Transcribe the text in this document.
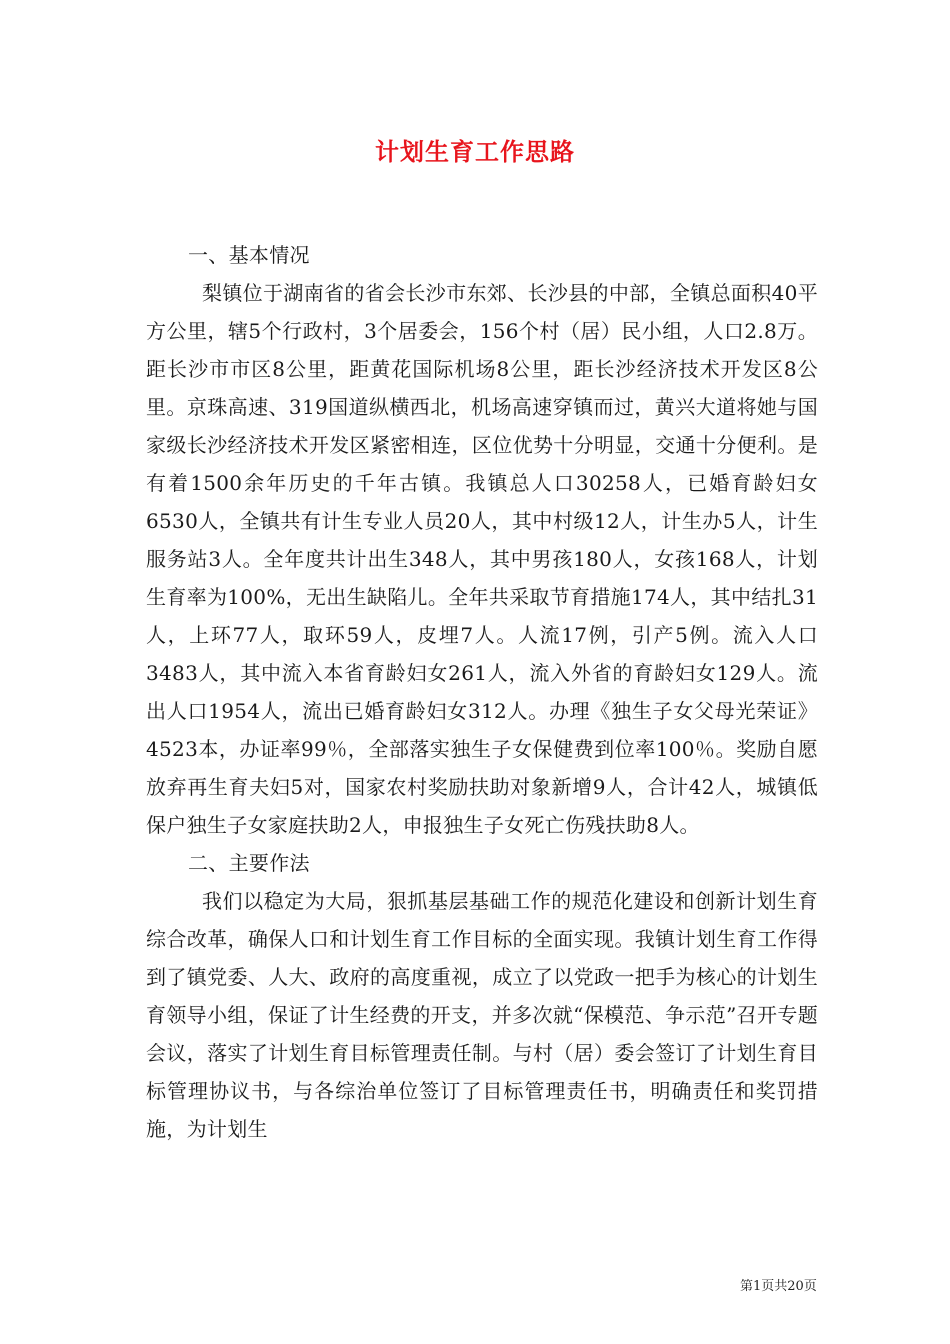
计划生育工作思路

一、基本情况

梨镇位于湖南省的省会长沙市东郊、长沙县的中部，全镇总面积40平方公里，辖5个行政村，3个居委会，156个村（居）民小组，人口2.8万。距长沙市市区8公里，距黄花国际机场8公里，距长沙经济技术开发区8公里。京珠高速、319国道纵横西北，机场高速穿镇而过，黄兴大道将她与国家级长沙经济技术开发区紧密相连，区位优势十分明显，交通十分便利。是有着1500余年历史的千年古镇。我镇总人口30258人，已婚育龄妇女6530人，全镇共有计生专业人员20人，其中村级12人，计生办5人，计生服务站3人。全年度共计出生348人，其中男孩180人，女孩168人，计划生育率为100%，无出生缺陷儿。全年共采取节育措施174人，其中结扎31人，上环77人，取环59人，皮埋7人。人流17例，引产5例。流入人口3483人，其中流入本省育龄妇女261人，流入外省的育龄妇女129人。流出人口1954人，流出已婚育龄妇女312人。办理《独生子女父母光荣证》4523本，办证率99％，全部落实独生子女保健费到位率100％。奖励自愿放弃再生育夫妇5对，国家农村奖励扶助对象新增9人，合计42人，城镇低保户独生子女家庭扶助2人，申报独生子女死亡伤残扶助8人。

二、主要作法

我们以稳定为大局，狠抓基层基础工作的规范化建设和创新计划生育综合改革，确保人口和计划生育工作目标的全面实现。我镇计划生育工作得到了镇党委、人大、政府的高度重视，成立了以党政一把手为核心的计划生育领导小组，保证了计生经费的开支，并多次就“保模范、争示范”召开专题会议，落实了计划生育目标管理责任制。与村（居）委会签订了计划生育目标管理协议书，与各综治单位签订了目标管理责任书，明确责任和奖罚措施，为计划生

第1页共20页
